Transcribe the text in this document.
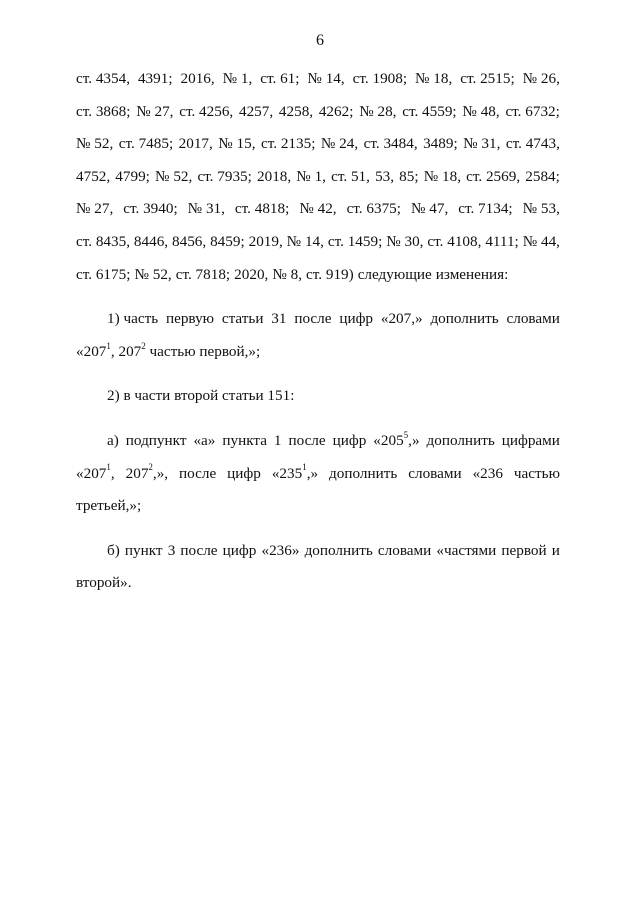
6
ст. 4354, 4391; 2016, № 1, ст. 61; № 14, ст. 1908; № 18, ст. 2515; № 26,
ст. 3868; № 27, ст. 4256, 4257, 4258, 4262; № 28, ст. 4559; № 48, ст. 6732;
№ 52, ст. 7485; 2017, № 15, ст. 2135; № 24, ст. 3484, 3489; № 31, ст. 4743,
4752, 4799; № 52, ст. 7935; 2018, № 1, ст. 51, 53, 85; № 18, ст. 2569, 2584;
№ 27, ст. 3940; № 31, ст. 4818; № 42, ст. 6375; № 47, ст. 7134; № 53,
ст. 8435, 8446, 8456, 8459; 2019, № 14, ст. 1459; № 30, ст. 4108, 4111; № 44,
ст. 6175; № 52, ст. 7818; 2020, № 8, ст. 919) следующие изменения:
1) часть первую статьи 31 после цифр «207,» дополнить словами
«$207^1$, $207^2$ частью первой,»;
2) в части второй статьи 151:
а) подпункт «а» пункта 1 после цифр «$205^5$,» дополнить цифрами
«$207^1$, $207^2$,», после цифр «$235^1$,» дополнить словами «236 частью
третьей,»;
б) пункт 3 после цифр «236» дополнить словами «частями первой и
второй».
